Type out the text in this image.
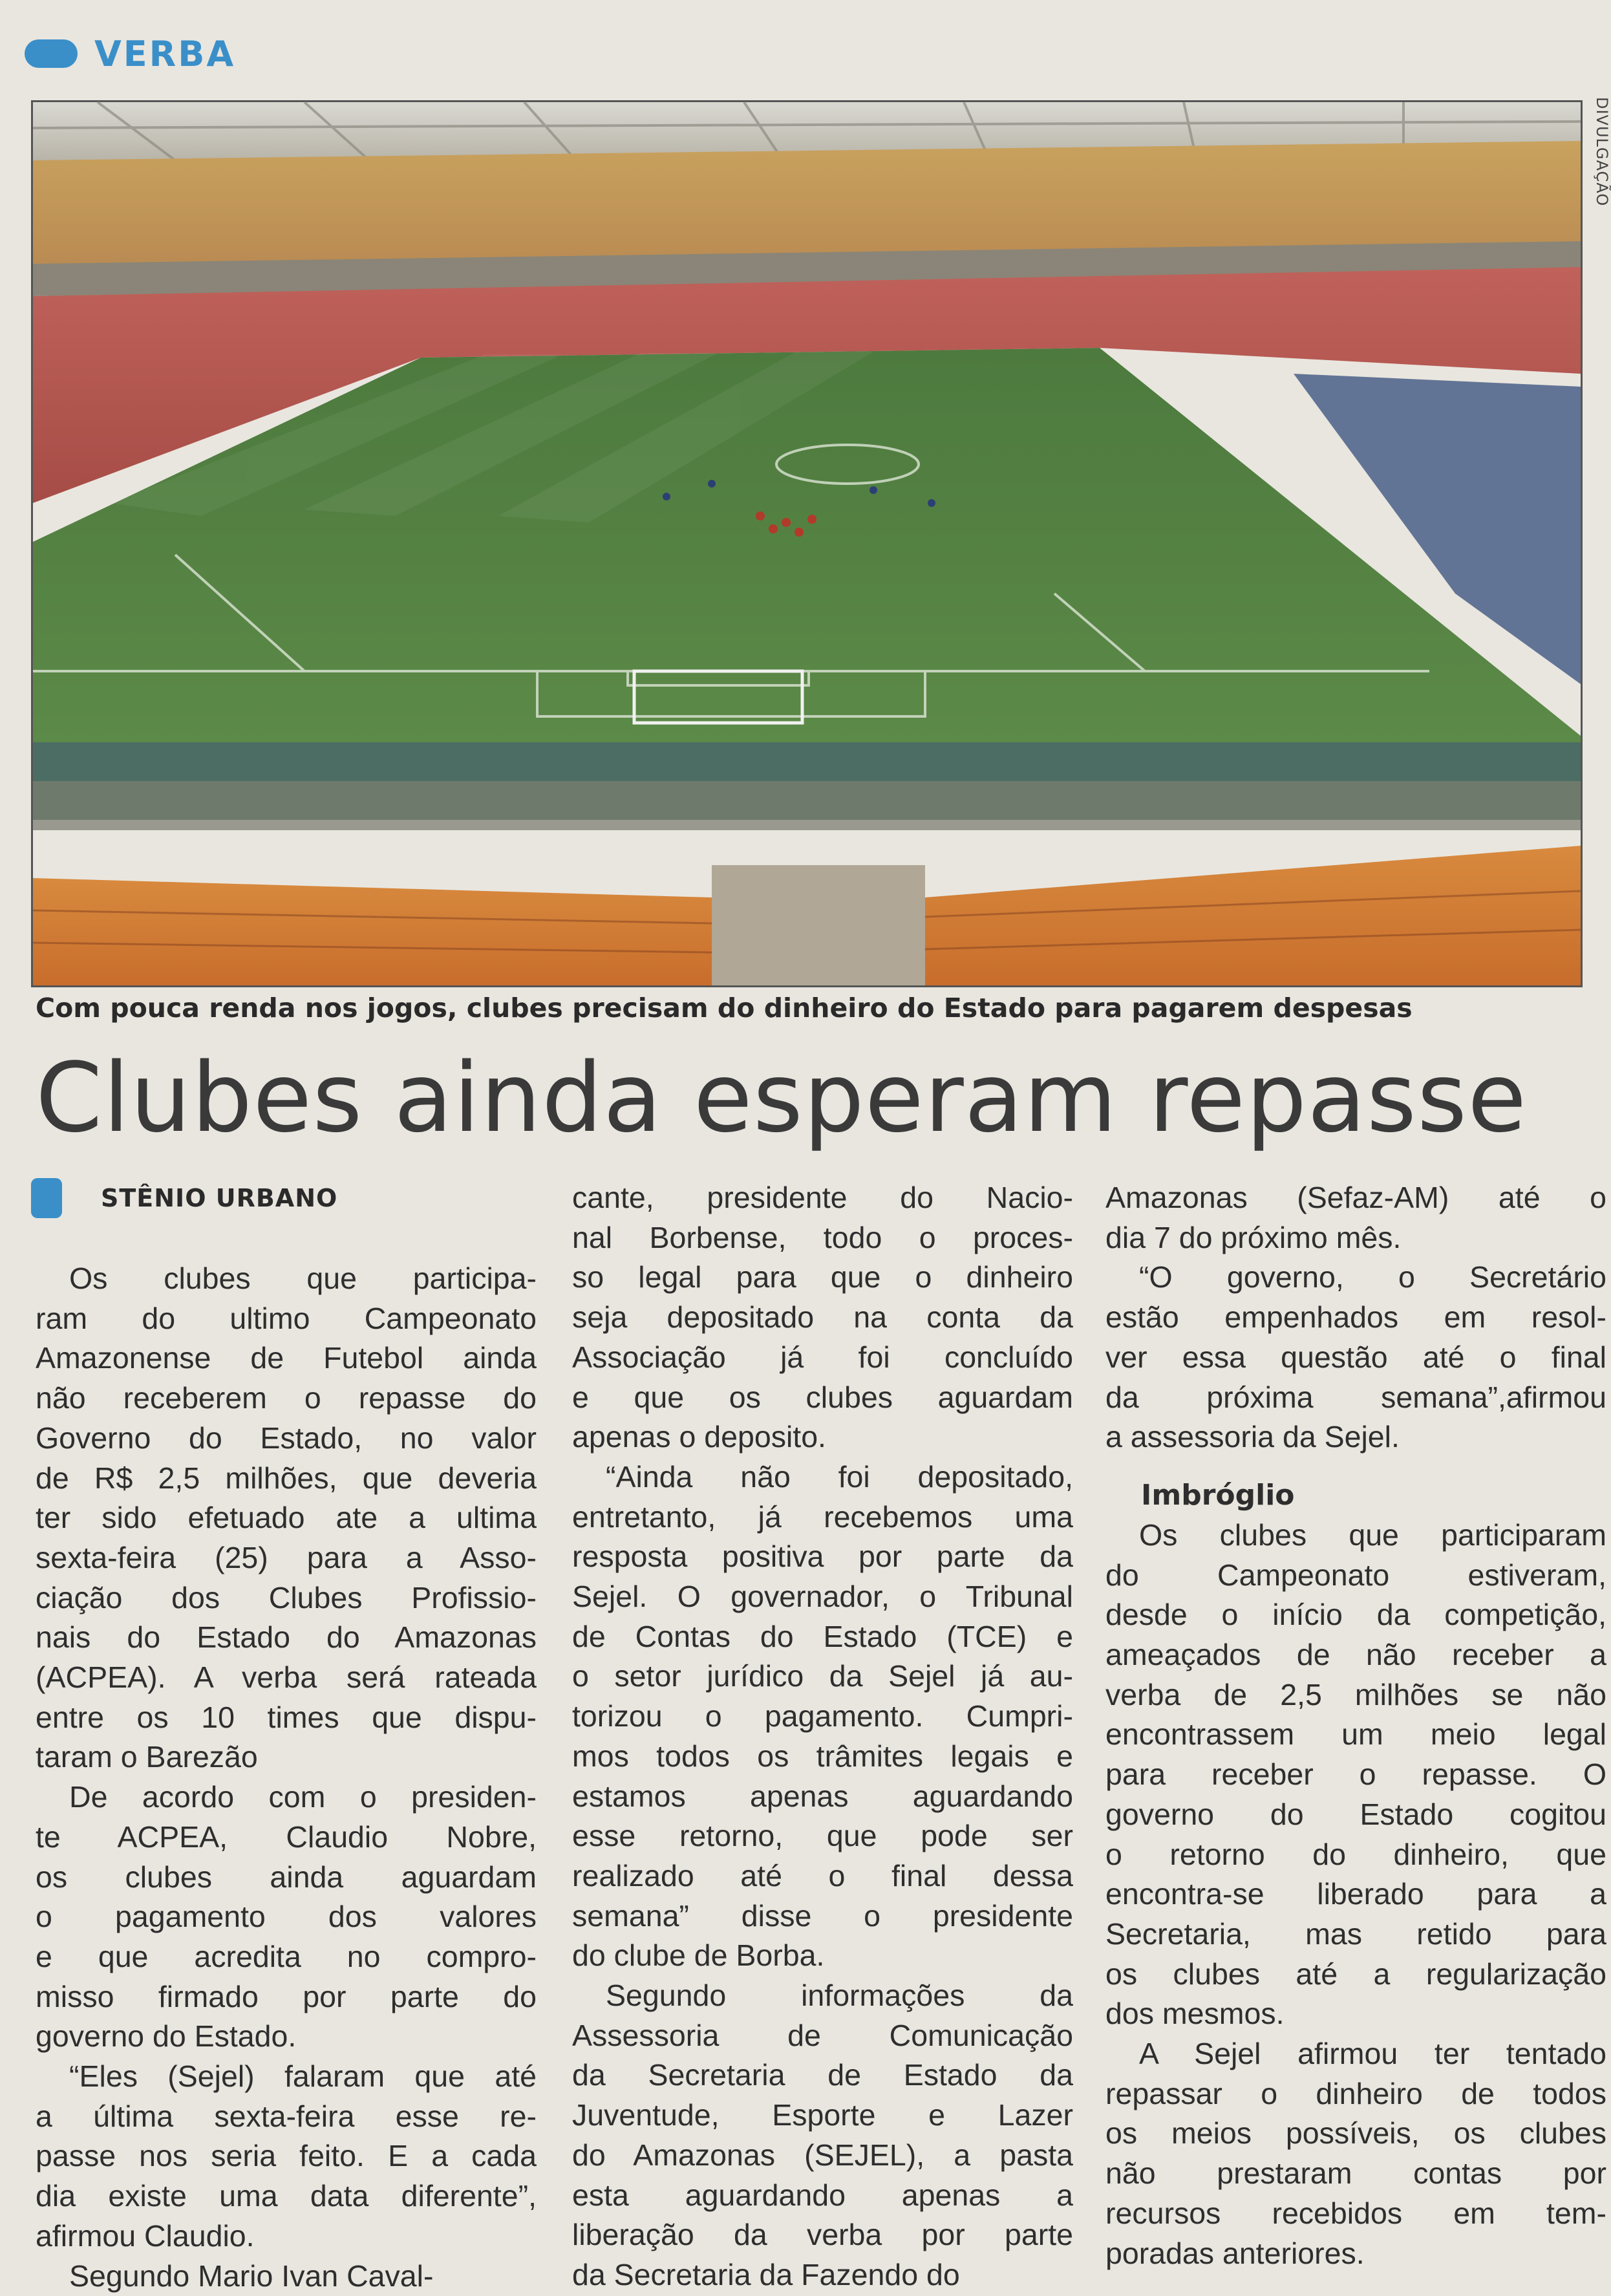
VERBA
DIVULGAÇÃO
Com pouca renda nos jogos, clubes precisam do dinheiro do Estado para pagarem despesas
Clubes ainda esperam repasse
STÊNIO URBANO
Os clubes que participa-
ram do ultimo Campeonato
Amazonense de Futebol ainda
não receberem o repasse do
Governo do Estado, no valor
de R$ 2,5 milhões, que deveria
ter sido efetuado ate a ultima
sexta-feira (25) para a Asso-
ciação dos Clubes Profissio-
nais do Estado do Amazonas
(ACPEA). A verba será rateada
entre os 10 times que dispu-
taram o Barezão
De acordo com o presiden-
te ACPEA, Claudio Nobre,
os clubes ainda aguardam
o pagamento dos valores
e que acredita no compro-
misso firmado por parte do
governo do Estado.
“Eles (Sejel) falaram que até
a última sexta-feira esse re-
passe nos seria feito. E a cada
dia existe uma data diferente”,
afirmou Claudio.
Segundo Mario Ivan Caval-
cante, presidente do Nacio-
nal Borbense, todo o proces-
so legal para que o dinheiro
seja depositado na conta da
Associação já foi concluído
e que os clubes aguardam
apenas o deposito.
“Ainda não foi depositado,
entretanto, já recebemos uma
resposta positiva por parte da
Sejel. O governador, o Tribunal
de Contas do Estado (TCE) e
o setor jurídico da Sejel já au-
torizou o pagamento. Cumpri-
mos todos os trâmites legais e
estamos apenas aguardando
esse retorno, que pode ser
realizado até o final dessa
semana” disse o presidente
do clube de Borba.
Segundo informações da
Assessoria de Comunicação
da Secretaria de Estado da
Juventude, Esporte e Lazer
do Amazonas (SEJEL), a pasta
esta aguardando apenas a
liberação da verba por parte
da Secretaria da Fazendo do
Amazonas (Sefaz-AM) até o
dia 7 do próximo mês.
“O governo, o Secretário
estão empenhados em resol-
ver essa questão até o final
da próxima semana”,afirmou
a assessoria da Sejel.
Imbróglio
Os clubes que participaram
do Campeonato estiveram,
desde o início da competição,
ameaçados de não receber a
verba de 2,5 milhões se não
encontrassem um meio legal
para receber o repasse. O
governo do Estado cogitou
o retorno do dinheiro, que
encontra-se liberado para a
Secretaria, mas retido para
os clubes até a regularização
dos mesmos.
A Sejel afirmou ter tentado
repassar o dinheiro de todos
os meios possíveis, os clubes
não prestaram contas por
recursos recebidos em tem-
poradas anteriores.
